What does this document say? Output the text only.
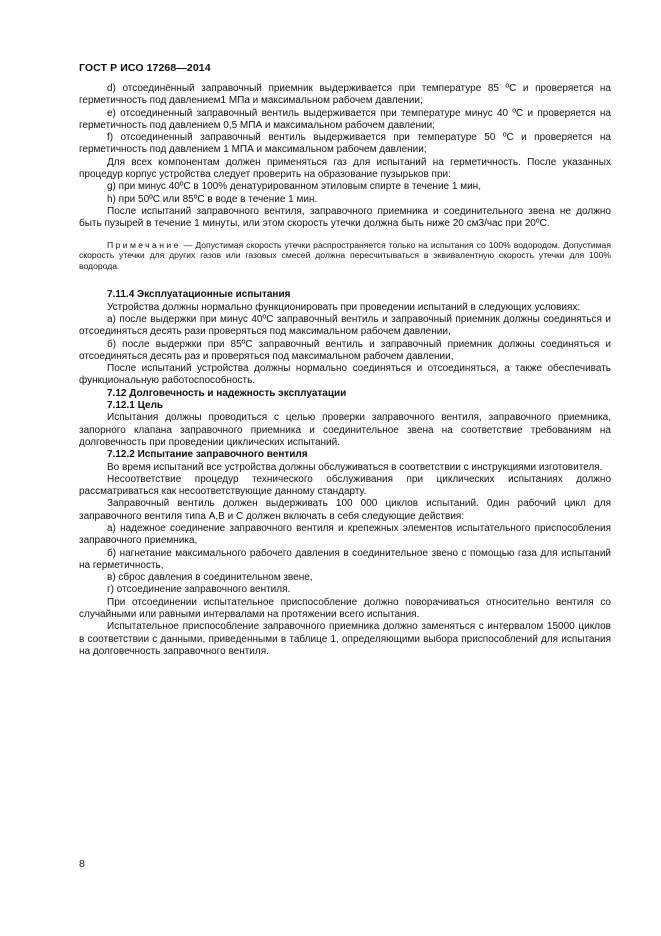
ГОСТ Р ИСО 17268—2014

d) отсоединённый заправочный приемник выдерживается при температуре 85 ºС и проверяется на герметичность под давлением1 МПа и максимальном рабочем давлении;

e) отсоединенный заправочный вентиль выдерживается при температуре минус 40 ºС и проверяется на герметичность под давлением 0,5 МПА и максимальном рабочем давлении;

f) отсоединенный заправочный вентиль выдерживается при температуре 50 ºС и проверяется на герметичность под давлением 1 МПА и максимальном рабочем давлении;

Для всех компонентам должен применяться газ для испытаний на герметичность. После указанных процедур корпус устройства следует проверить на образование пузырьков при:

g) при минус 40ºС в 100% денатурированном этиловым спирте в течение 1 мин,

h) при 50ºС или 85ºС в воде в течение 1 мин.

После испытаний заправочного вентиля, заправочного приемника и соединительного звена не должно быть пузырей в течение 1 минуты, или этом скорость утечки должна быть ниже 20 см3/час при 20ºС.

Примечание — Допустимая скорость утечки распространяется только на испытания со 100% водородом. Допустимая скорость утечки для других газов или газовых смесей должна пересчитываться в эквивалентную скорость утечки для 100% водорода.

7.11.4 Эксплуатационные испытания

Устройства должны нормально функционировать при проведении испытаний в следующих условиях:

а) после выдержки при минус 40ºС заправочный вентиль и заправочный приемник должны соединяться и отсоединяться десять рази проверяться под максимальном рабочем давлении,

б) после выдержки при 85ºС заправочный вентиль и заправочный приемник должны соединяться и отсоединяться десять раз и проверяться под максимальном рабочем давлении,

После испытаний устройства должны нормально соединяться и отсоединяться, а также обеспечивать функциональную работоспособность.

7.12 Долговечность и надежность эксплуатации
7.12.1 Цель

Испытания должны проводиться с целью проверки заправочного вентиля, заправочного приемника, запорного клапана заправочного приемника и соединительное звена на соответствие требованиям на долговечность при проведении циклических испытаний.

7.12.2 Испытание заправочного вентиля

Во время испытаний все устройства должны обслуживаться в соответствии с инструкциями изготовителя.

Несоответствие процедур технического обслуживания при циклических испытаниях должно рассматриваться как несоответствующие данному стандарту.

Заправочный вентиль должен выдерживать 100 000 циклов испытаний. 0дин рабочий цикл для заправочного вентиля типа А,В и С должен включать в себя следующие действия:

а) надежное соединение заправочного вентиля и крепежных элементов испытательного приспособления заправочного приемника,

б) нагнетание максимального рабочего давления в соединительное звено с помощью газа для испытаний на герметичность,

в) сброс давления в соединительном звене,

г) отсоединение заправочного вентиля.

При отсоединении испытательное приспособление должно поворачиваться относительно вентиля со случайными или равными интервалами на протяжении всего испытания.

Испытательное приспособление заправочного приемника должно заменяться с интервалом 15000 циклов в соответствии с данными, приведенными в таблице 1, определяющими выбора приспособлений для испытания на долговечность заправочного вентиля.

8
